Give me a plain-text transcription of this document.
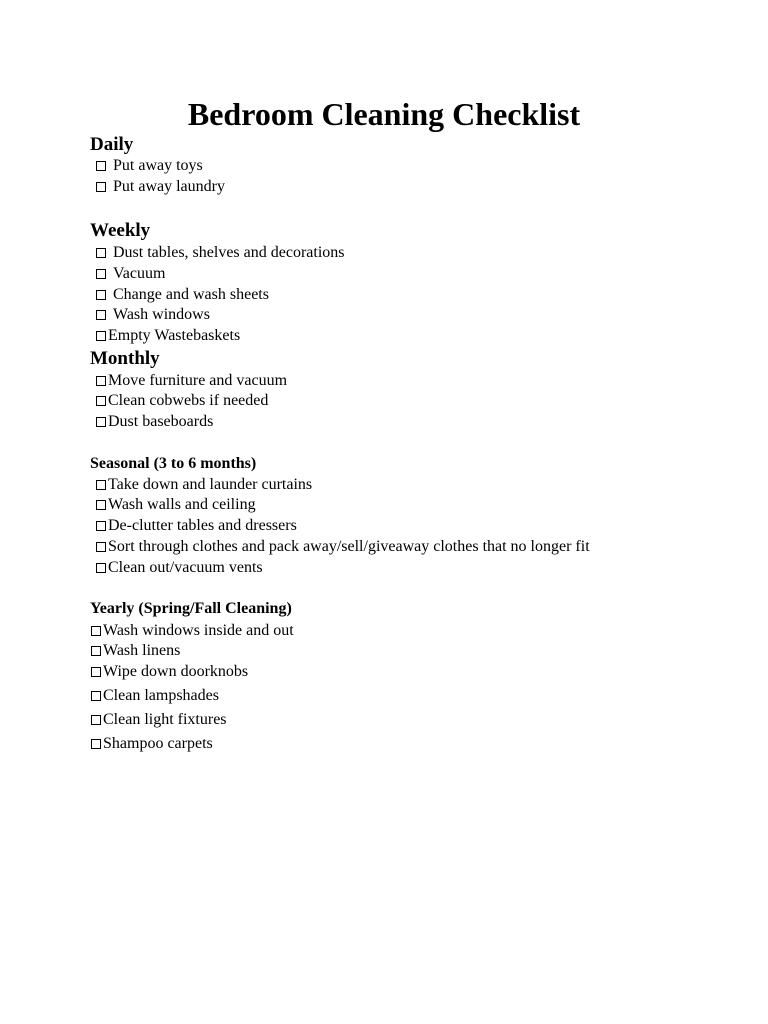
Bedroom Cleaning Checklist
Daily
Put away toys
Put away laundry
Weekly
Dust tables, shelves and decorations
Vacuum
Change and wash sheets
Wash windows
Empty Wastebaskets
Monthly
Move furniture and vacuum
Clean cobwebs if needed
Dust baseboards
Seasonal (3 to 6 months)
Take down and launder curtains
Wash walls and ceiling
De-clutter tables and dressers
Sort through clothes and pack away/sell/giveaway clothes that no longer fit
Clean out/vacuum vents
Yearly (Spring/Fall Cleaning)
Wash windows inside and out
Wash linens
Wipe down doorknobs
Clean lampshades
Clean light fixtures
Shampoo carpets
